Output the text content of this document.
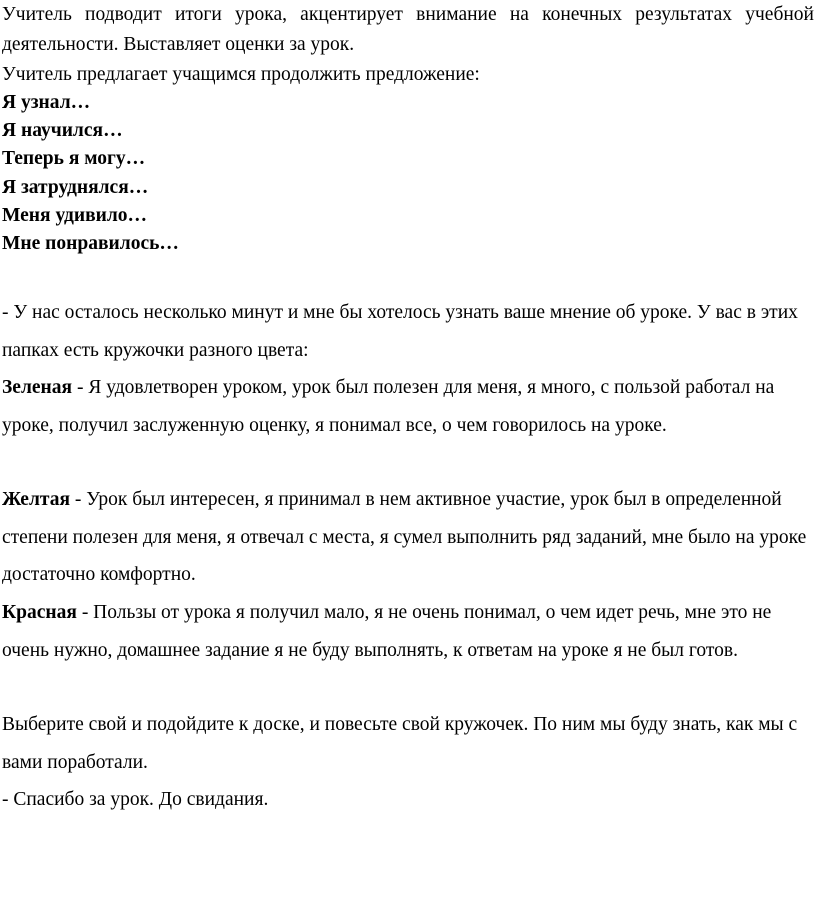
Учитель подводит итоги урока, акцентирует внимание на конечных результатах учебной деятельности. Выставляет оценки за урок.
Учитель предлагает учащимся продолжить предложение:
Я узнал…
Я научился…
Теперь я могу…
Я затруднялся…
Меня удивило…
Мне понравилось…
- У нас осталось несколько минут и мне бы хотелось узнать ваше мнение об уроке. У вас в этих папках есть кружочки разного цвета:
Зеленая - Я удовлетворен уроком, урок был полезен для меня, я много, с пользой работал на уроке, получил заслуженную оценку, я понимал все, о чем говорилось на уроке.
Желтая - Урок был интересен, я принимал в нем активное участие, урок был в определенной степени полезен для меня, я отвечал с места, я сумел выполнить ряд заданий, мне было на уроке достаточно комфортно.
Красная - Пользы от урока я получил мало, я не очень понимал, о чем идет речь, мне это не очень нужно, домашнее задание я не буду выполнять, к ответам на уроке я не был готов.
Выберите свой и подойдите к доске, и повесьте свой кружочек. По ним мы буду знать, как мы с вами поработали.
- Спасибо за урок. До свидания.
